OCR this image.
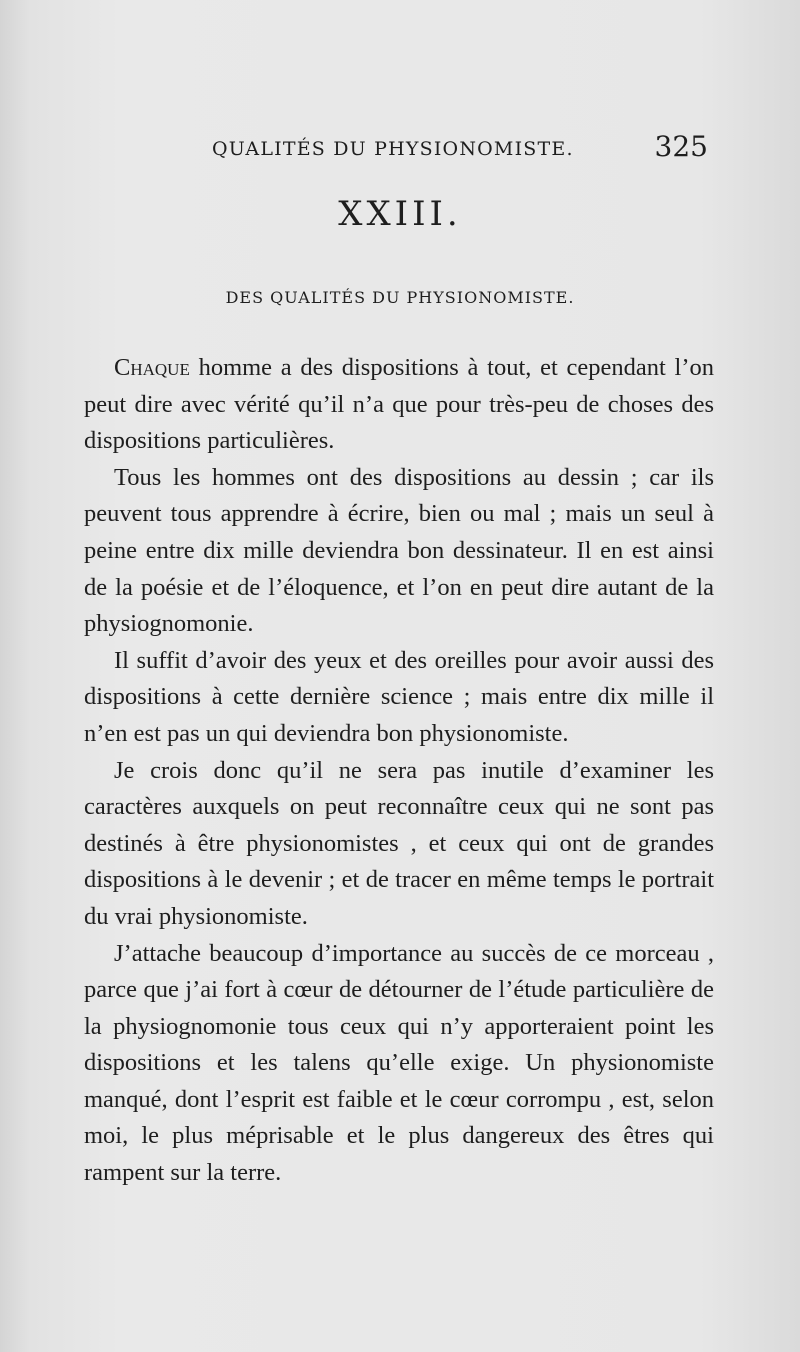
QUALITÉS DU PHYSIONOMISTE.	325
XXIII.
DES QUALITÉS DU PHYSIONOMISTE.

Chaque homme a des dispositions à tout, et cependant l’on peut dire avec vérité qu’il n’a que pour très-peu de choses des dispositions particulières.

Tous les hommes ont des dispositions au dessin ; car ils peuvent tous apprendre à écrire, bien ou mal ; mais un seul à peine entre dix mille deviendra bon dessinateur. Il en est ainsi de la poésie et de l’éloquence, et l’on en peut dire autant de la physiognomonie.

Il suffit d’avoir des yeux et des oreilles pour avoir aussi des dispositions à cette dernière science ; mais entre dix mille il n’en est pas un qui deviendra bon physionomiste.

Je crois donc qu’il ne sera pas inutile d’examiner les caractères auxquels on peut reconnaître ceux qui ne sont pas destinés à être physionomistes , et ceux qui ont de grandes dispositions à le devenir ; et de tracer en même temps le portrait du vrai physionomiste.

J’attache beaucoup d’importance au succès de ce morceau , parce que j’ai fort à cœur de détourner de l’étude particulière de la physiognomonie tous ceux qui n’y apporteraient point les dispositions et les talens qu’elle exige. Un physionomiste manqué, dont l’esprit est faible et le cœur corrompu , est, selon moi, le plus méprisable et le plus dangereux des êtres qui rampent sur la terre.
